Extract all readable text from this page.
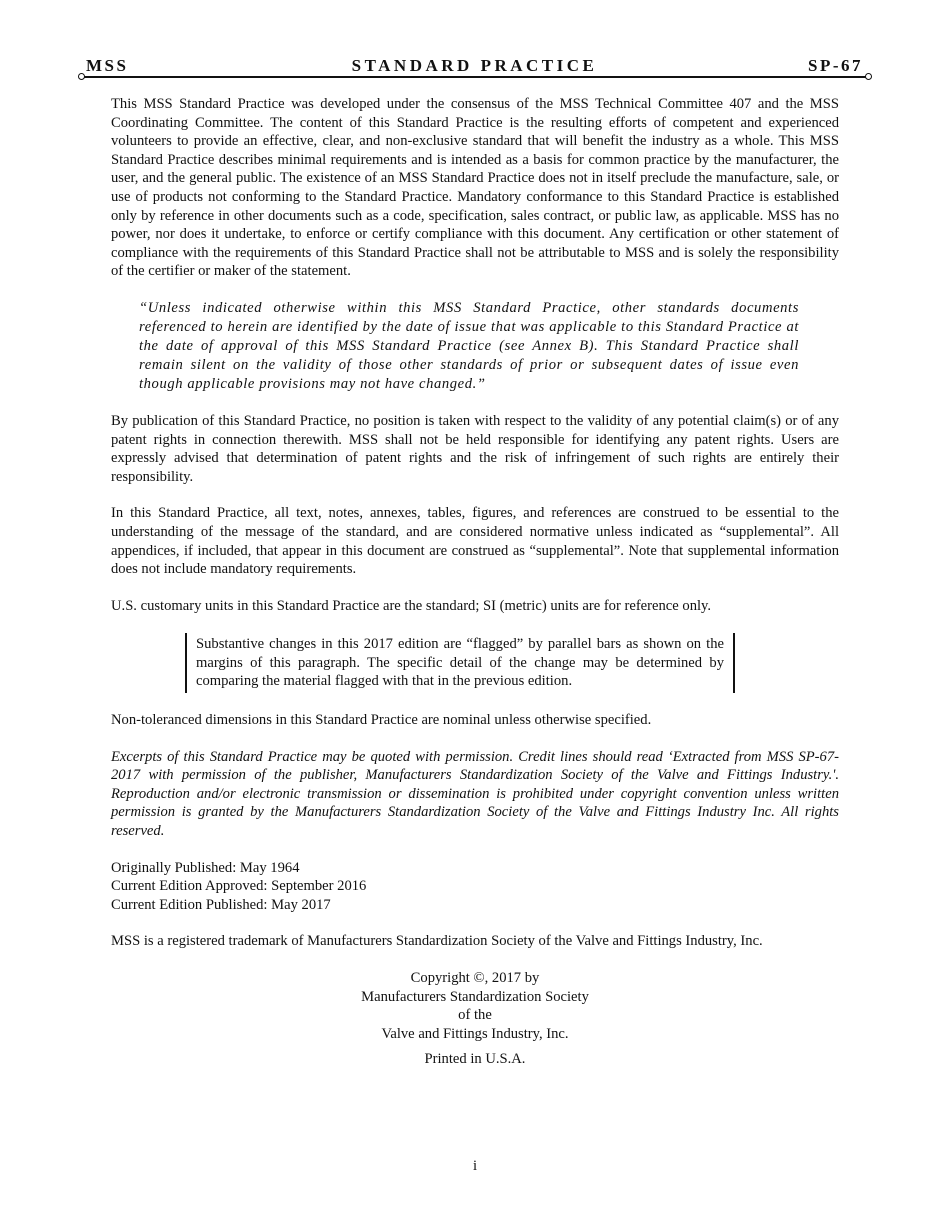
MSS	STANDARD PRACTICE	SP-67

This MSS Standard Practice was developed under the consensus of the MSS Technical Committee 407 and the MSS Coordinating Committee. The content of this Standard Practice is the resulting efforts of competent and experienced volunteers to provide an effective, clear, and non-exclusive standard that will benefit the industry as a whole. This MSS Standard Practice describes minimal requirements and is intended as a basis for common practice by the manufacturer, the user, and the general public. The existence of an MSS Standard Practice does not in itself preclude the manufacture, sale, or use of products not conforming to the Standard Practice. Mandatory conformance to this Standard Practice is established only by reference in other documents such as a code, specification, sales contract, or public law, as applicable. MSS has no power, nor does it undertake, to enforce or certify compliance with this document. Any certification or other statement of compliance with the requirements of this Standard Practice shall not be attributable to MSS and is solely the responsibility of the certifier or maker of the statement.

“Unless indicated otherwise within this MSS Standard Practice, other standards documents referenced to herein are identified by the date of issue that was applicable to this Standard Practice at the date of approval of this MSS Standard Practice (see Annex B). This Standard Practice shall remain silent on the validity of those other standards of prior or subsequent dates of issue even though applicable provisions may not have changed.”

By publication of this Standard Practice, no position is taken with respect to the validity of any potential claim(s) or of any patent rights in connection therewith. MSS shall not be held responsible for identifying any patent rights. Users are expressly advised that determination of patent rights and the risk of infringement of such rights are entirely their responsibility.

In this Standard Practice, all text, notes, annexes, tables, figures, and references are construed to be essential to the understanding of the message of the standard, and are considered normative unless indicated as “supplemental”. All appendices, if included, that appear in this document are construed as “supplemental”. Note that supplemental information does not include mandatory requirements.

U.S. customary units in this Standard Practice are the standard; SI (metric) units are for reference only.

Substantive changes in this 2017 edition are “flagged” by parallel bars as shown on the margins of this paragraph. The specific detail of the change may be determined by comparing the material flagged with that in the previous edition.

Non-toleranced dimensions in this Standard Practice are nominal unless otherwise specified.

Excerpts of this Standard Practice may be quoted with permission. Credit lines should read ‘Extracted from MSS SP-67-2017 with permission of the publisher, Manufacturers Standardization Society of the Valve and Fittings Industry.'. Reproduction and/or electronic transmission or dissemination is prohibited under copyright convention unless written permission is granted by the Manufacturers Standardization Society of the Valve and Fittings Industry Inc. All rights reserved.

Originally Published: May 1964
Current Edition Approved: September 2016
Current Edition Published: May 2017

MSS is a registered trademark of Manufacturers Standardization Society of the Valve and Fittings Industry, Inc.

Copyright ©, 2017 by
Manufacturers Standardization Society
of the
Valve and Fittings Industry, Inc.
Printed in U.S.A.
i
